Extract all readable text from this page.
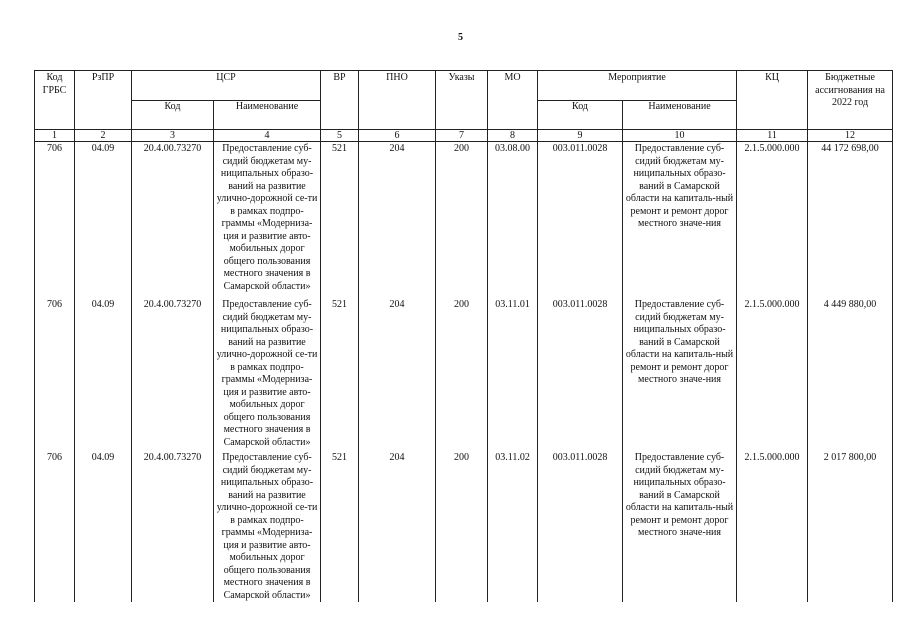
5
Код ГРБС	РзПР	ЦСР		ВР	ПНО	Указы	МО	Мероприятие		КЦ	Бюджетные ассигнования на 2022 год
		Код	Наименование					Код	Наименование		
1	2	3	4	5	6	7	8	9	10	11	12
706	04.09	20.4.00.73270	Предоставление суб-сидий бюджетам му-ниципальных образо-ваний на развитие улично-дорожной се-ти в рамках подпро-граммы «Модерниза-ция и развитие авто-мобильных дорог общего пользования местного значения в Самарской области»	521	204	200	03.08.00	003.011.0028	Предоставление суб-сидий бюджетам му-ниципальных образо-ваний в Самарской области на капиталь-ный ремонт и ремонт дорог местного значе-ния	2.1.5.000.000	44 172 698,00
706	04.09	20.4.00.73270	Предоставление суб-сидий бюджетам му-ниципальных образо-ваний на развитие улично-дорожной се-ти в рамках подпро-граммы «Модерниза-ция и развитие авто-мобильных дорог общего пользования местного значения в Самарской области»	521	204	200	03.11.01	003.011.0028	Предоставление суб-сидий бюджетам му-ниципальных образо-ваний в Самарской области на капиталь-ный ремонт и ремонт дорог местного значе-ния	2.1.5.000.000	4 449 880,00
706	04.09	20.4.00.73270	Предоставление суб-сидий бюджетам му-ниципальных образо-ваний на развитие улично-дорожной се-ти в рамках подпро-граммы «Модерниза-ция и развитие авто-мобильных дорог общего пользования местного значения в Самарской области»	521	204	200	03.11.02	003.011.0028	Предоставление суб-сидий бюджетам му-ниципальных образо-ваний в Самарской области на капиталь-ный ремонт и ремонт дорог местного значе-ния	2.1.5.000.000	2 017 800,00
